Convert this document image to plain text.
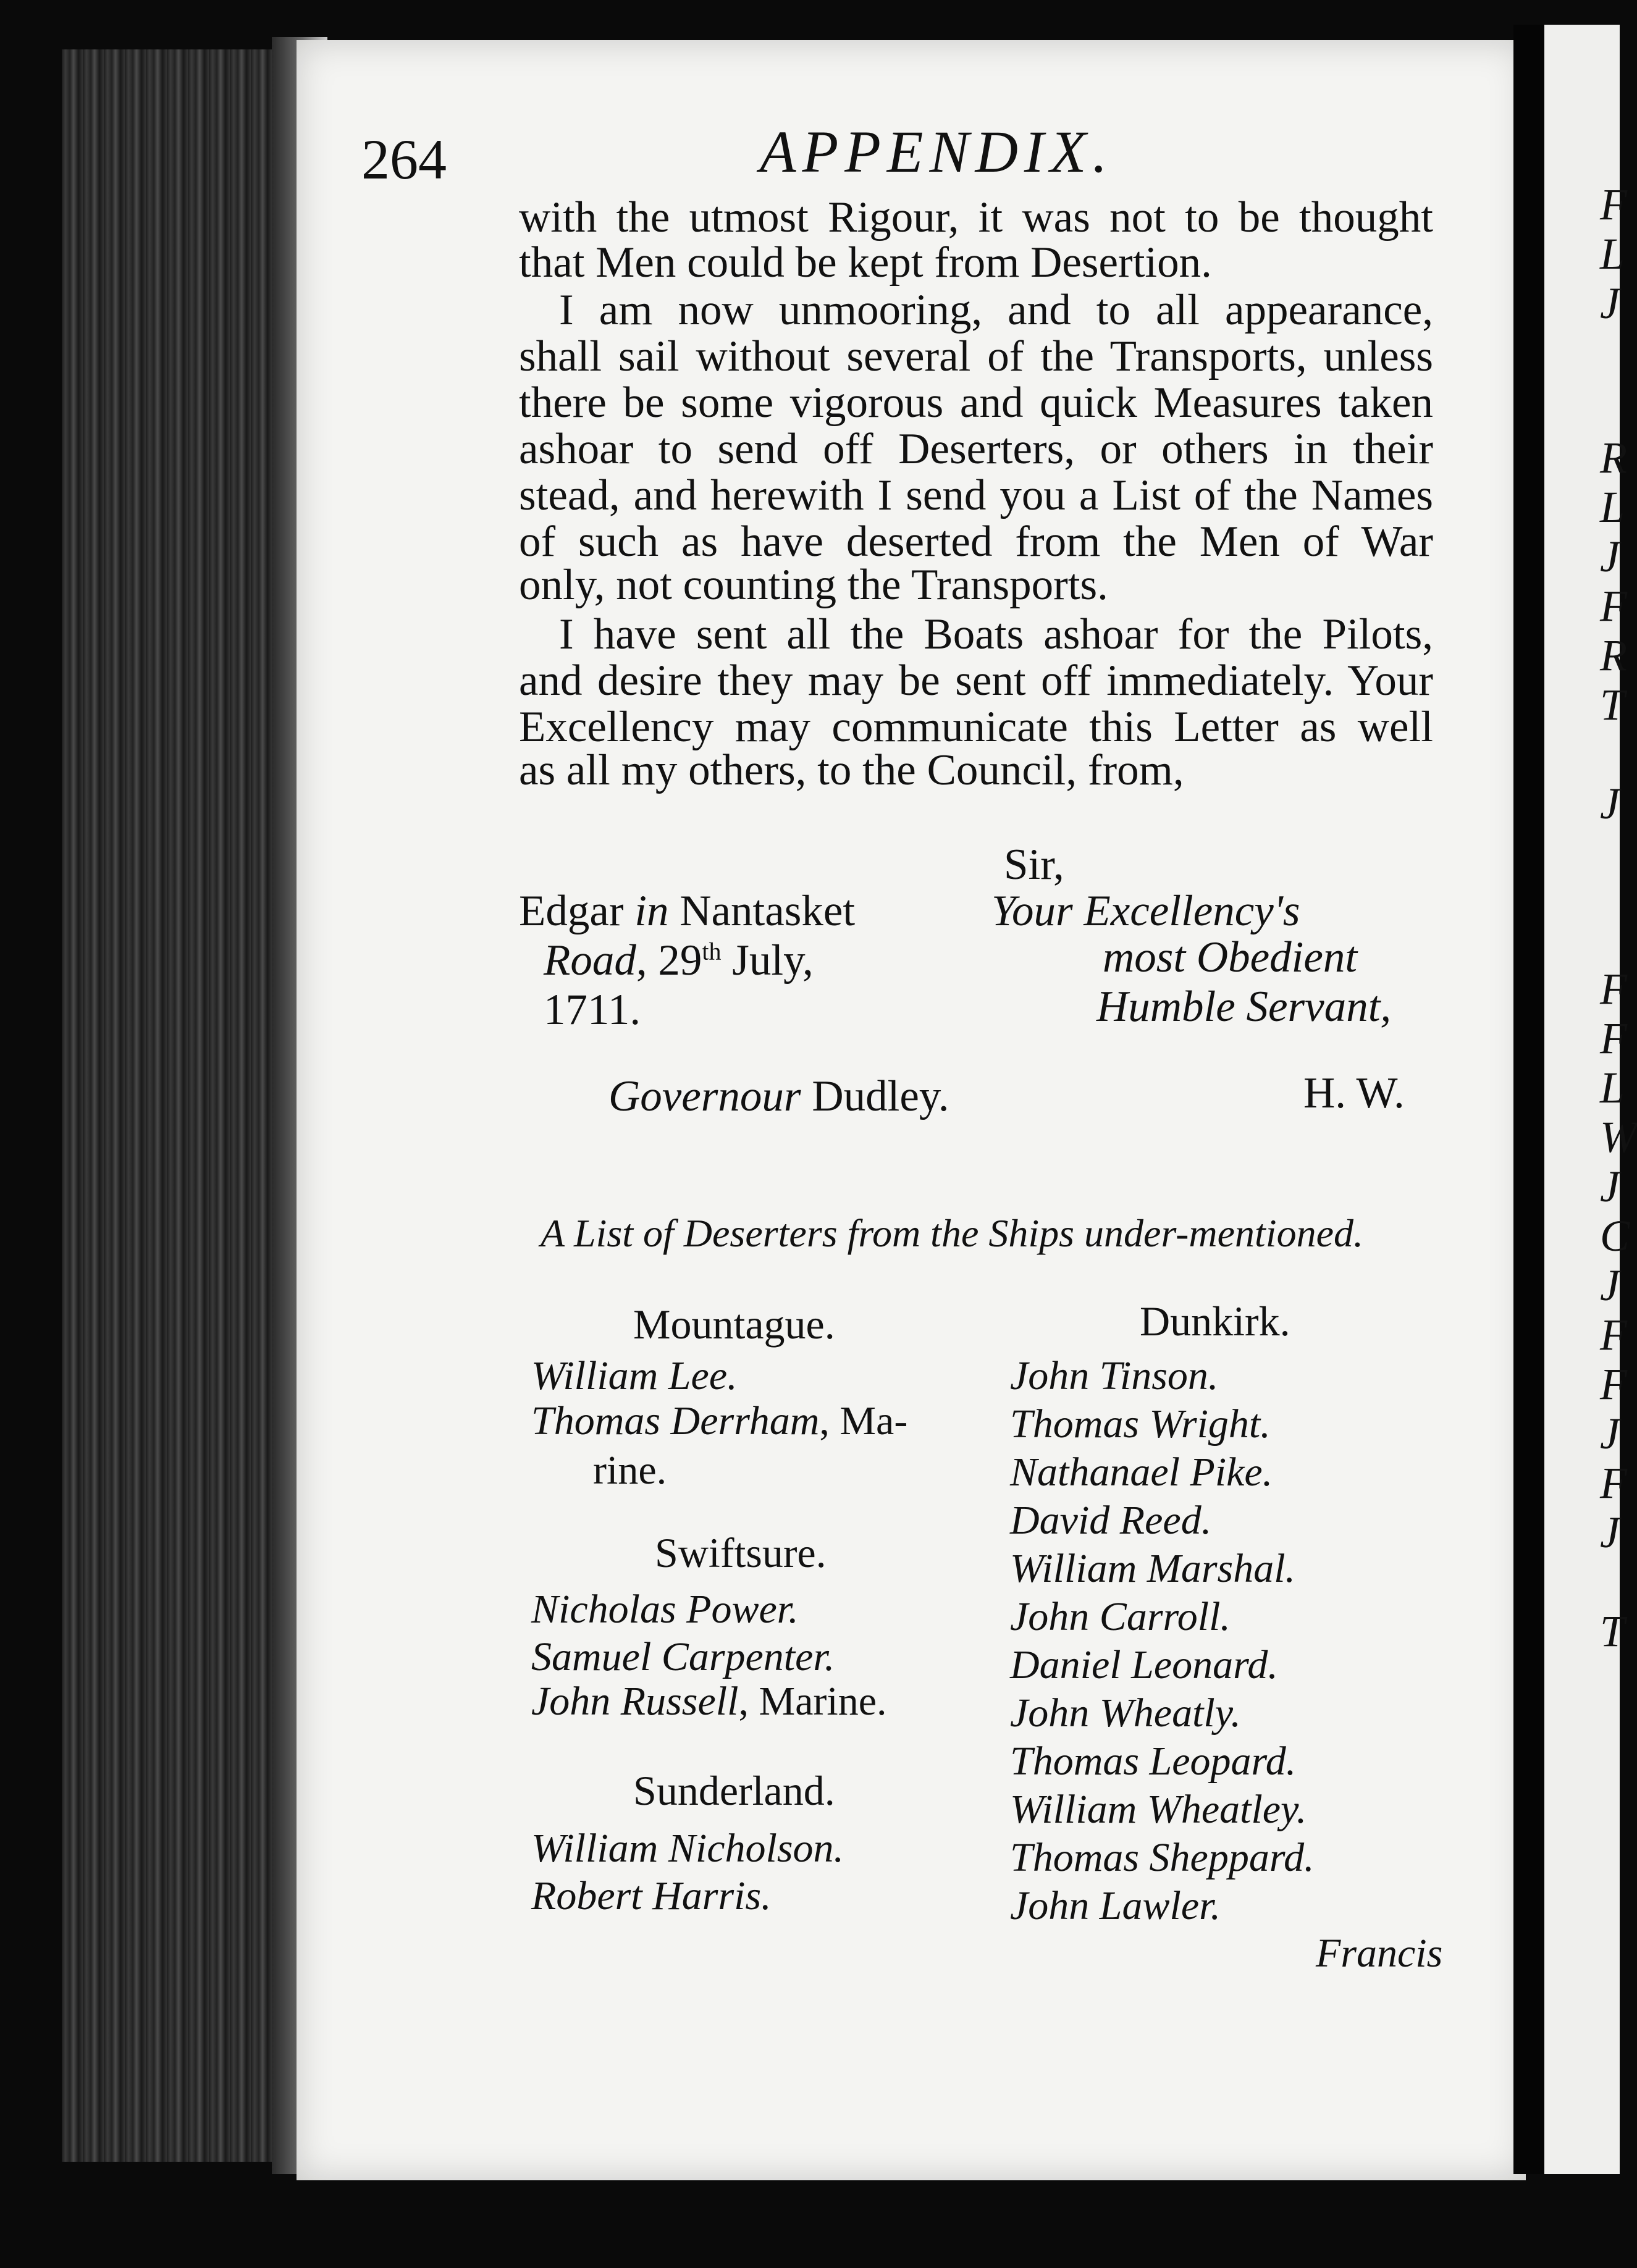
F
L
J
R
L
J
F
R
T
J
F
F
L
W
J
C
J
F
F
J
F
J
T
264	APPENDIX.
with the utmost Rigour, it was not to be thought
that Men could be kept from Desertion.
I am now unmooring, and to all appearance,
shall sail without several of the Transports, unless
there be some vigorous and quick Measures taken
ashoar to send off Deserters, or others in their
stead, and herewith I send you a List of the Names
of such as have deserted from the Men of War
only, not counting the Transports.
I have sent all the Boats ashoar for the Pilots,
and desire they may be sent off immediately. Your
Excellency may communicate this Letter as well
as all my others, to the Council, from,
Sir,
Edgar in Nantasket
Road, 29th July,
1711.
Your Excellency's
most Obedient
Humble Servant,
Governour Dudley.	H. W.
A List of Deserters from the Ships under-mentioned.
Mountague.
William Lee.
Thomas Derrham, Ma-
rine.
Swiftsure.
Nicholas Power.
Samuel Carpenter.
John Russell, Marine.
Sunderland.
William Nicholson.
Robert Harris.
Dunkirk.
John Tinson.
Thomas Wright.
Nathanael Pike.
David Reed.
William Marshal.
John Carroll.
Daniel Leonard.
John Wheatly.
Thomas Leopard.
William Wheatley.
Thomas Sheppard.
John Lawler.
Francis
